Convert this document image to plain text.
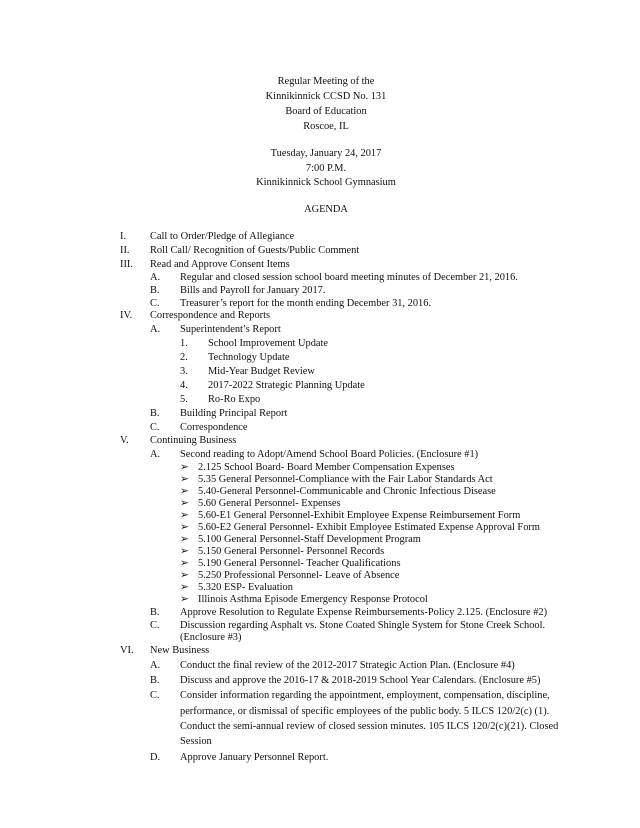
Regular Meeting of the
Kinnikinnick CCSD No. 131
Board of Education
Roscoe, IL
Tuesday, January 24, 2017
7:00 P.M.
Kinnikinnick School Gymnasium
AGENDA
I. Call to Order/Pledge of Allegiance
II. Roll Call/ Recognition of Guests/Public Comment
III. Read and Approve Consent Items
A. Regular and closed session school board meeting minutes of December 21, 2016.
B. Bills and Payroll for January 2017.
C. Treasurer’s report for the month ending December 31, 2016.
IV. Correspondence and Reports
A. Superintendent’s Report
1. School Improvement Update
2. Technology Update
3. Mid-Year Budget Review
4. 2017-2022 Strategic Planning Update
5. Ro-Ro Expo
B. Building Principal Report
C. Correspondence
V. Continuing Business
A. Second reading to Adopt/Amend School Board Policies. (Enclosure #1)
➢ 2.125 School Board- Board Member Compensation Expenses
➢ 5.35 General Personnel-Compliance with the Fair Labor Standards Act
➢ 5.40-General Personnel-Communicable and Chronic Infectious Disease
➢ 5.60 General Personnel- Expenses
➢ 5.60-E1 General Personnel-Exhibit Employee Expense Reimbursement Form
➢ 5.60-E2 General Personnel- Exhibit Employee Estimated Expense Approval Form
➢ 5.100 General Personnel-Staff Development Program
➢ 5.150 General Personnel- Personnel Records
➢ 5.190 General Personnel- Teacher Qualifications
➢ 5.250 Professional Personnel- Leave of Absence
➢ 5.320 ESP- Evaluation
➢ Illinois Asthma Episode Emergency Response Protocol
B. Approve Resolution to Regulate Expense Reimbursements-Policy 2.125. (Enclosure #2)
C. Discussion regarding Asphalt vs. Stone Coated Shingle System for Stone Creek School.
(Enclosure #3)
VI. New Business
A. Conduct the final review of the 2012-2017 Strategic Action Plan. (Enclosure #4)
B. Discuss and approve the 2016-17 & 2018-2019 School Year Calendars. (Enclosure #5)
C. Consider information regarding the appointment, employment, compensation, discipline,
performance, or dismissal of specific employees of the public body. 5 ILCS 120/2(c) (1).
Conduct the semi-annual review of closed session minutes. 105 ILCS 120/2(c)(21). Closed
Session
D. Approve January Personnel Report.
